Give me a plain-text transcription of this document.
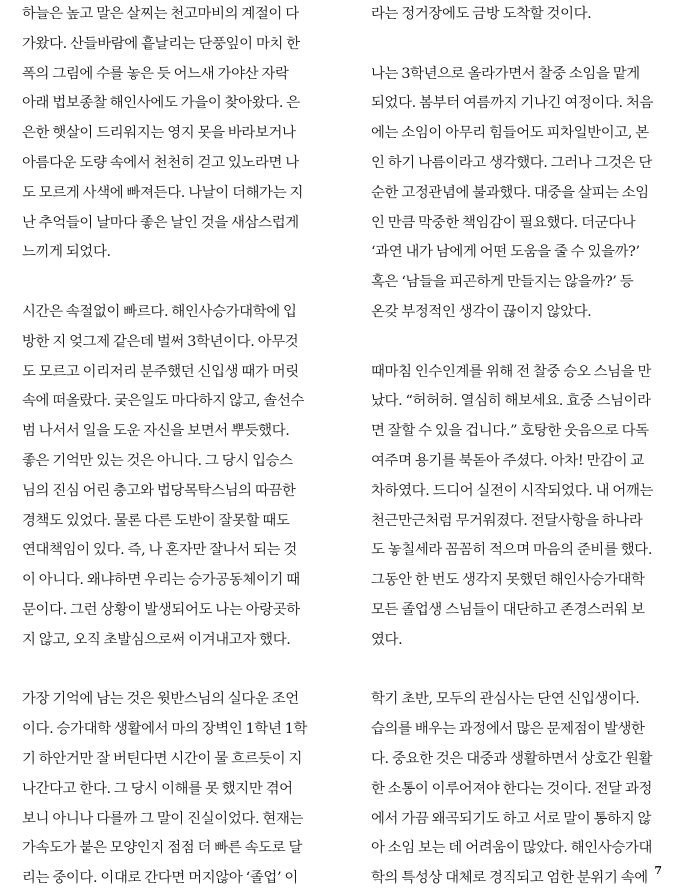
하늘은 높고 말은 살찌는 천고마비의 계절이 다
가왔다. 산들바람에 흩날리는 단풍잎이 마치 한
폭의 그림에 수를 놓은 듯 어느새 가야산 자락
아래 법보종찰 해인사에도 가을이 찾아왔다. 은
은한 햇살이 드리워지는 영지 못을 바라보거나
아름다운 도량 속에서 천천히 걷고 있노라면 나
도 모르게 사색에 빠져든다. 나날이 더해가는 지
난 추억들이 날마다 좋은 날인 것을 새삼스럽게
느끼게 되었다.
시간은 속절없이 빠르다. 해인사승가대학에 입
방한 지 엊그제 같은데 벌써 3학년이다. 아무것
도 모르고 이리저리 분주했던 신입생 때가 머릿
속에 떠올랐다. 궂은일도 마다하지 않고, 솔선수
범 나서서 일을 도운 자신을 보면서 뿌듯했다.
좋은 기억만 있는 것은 아니다. 그 당시 입승스
님의 진심 어린 충고와 법당목탁스님의 따끔한
경책도 있었다. 물론 다른 도반이 잘못할 때도
연대책임이 있다. 즉, 나 혼자만 잘나서 되는 것
이 아니다. 왜냐하면 우리는 승가공동체이기 때
문이다. 그런 상황이 발생되어도 나는 아랑곳하
지 않고, 오직 초발심으로써 이겨내고자 했다.
가장 기억에 남는 것은 윗반스님의 실다운 조언
이다. 승가대학 생활에서 마의 장벽인 1학년 1학
기 하안거만 잘 버틴다면 시간이 물 흐르듯이 지
나간다고 한다. 그 당시 이해를 못 했지만 겪어
보니 아니나 다를까 그 말이 진실이었다. 현재는
가속도가 붙은 모양인지 점점 더 빠른 속도로 달
리는 중이다. 이대로 간다면 머지않아 ‘졸업’ 이
라는 정거장에도 금방 도착할 것이다.
나는 3학년으로 올라가면서 찰중 소임을 맡게
되었다. 봄부터 여름까지 기나긴 여정이다. 처음
에는 소임이 아무리 힘들어도 피차일반이고, 본
인 하기 나름이라고 생각했다. 그러나 그것은 단
순한 고정관념에 불과했다. 대중을 살피는 소임
인 만큼 막중한 책임감이 필요했다. 더군다나
‘과연 내가 남에게 어떤 도움을 줄 수 있을까?’
혹은 ‘남들을 피곤하게 만들지는 않을까?’ 등
온갖 부정적인 생각이 끊이지 않았다.
때마침 인수인계를 위해 전 찰중 승오 스님을 만
났다. “허허허. 열심히 해보세요. 효중 스님이라
면 잘할 수 있을 겁니다.” 호탕한 웃음으로 다독
여주며 용기를 북돋아 주셨다. 아차! 만감이 교
차하였다. 드디어 실전이 시작되었다. 내 어깨는
천근만근처럼 무거워졌다. 전달사항을 하나라
도 놓칠세라 꼼꼼히 적으며 마음의 준비를 했다.
그동안 한 번도 생각지 못했던 해인사승가대학
모든 졸업생 스님들이 대단하고 존경스러워 보
였다.
학기 초반, 모두의 관심사는 단연 신입생이다.
습의를 배우는 과정에서 많은 문제점이 발생한
다. 중요한 것은 대중과 생활하면서 상호간 원활
한 소통이 이루어져야 한다는 것이다. 전달 과정
에서 가끔 왜곡되기도 하고 서로 말이 통하지 않
아 소임 보는 데 어려움이 많았다. 해인사승가대
학의 특성상 대체로 경직되고 엄한 분위기 속에 7
